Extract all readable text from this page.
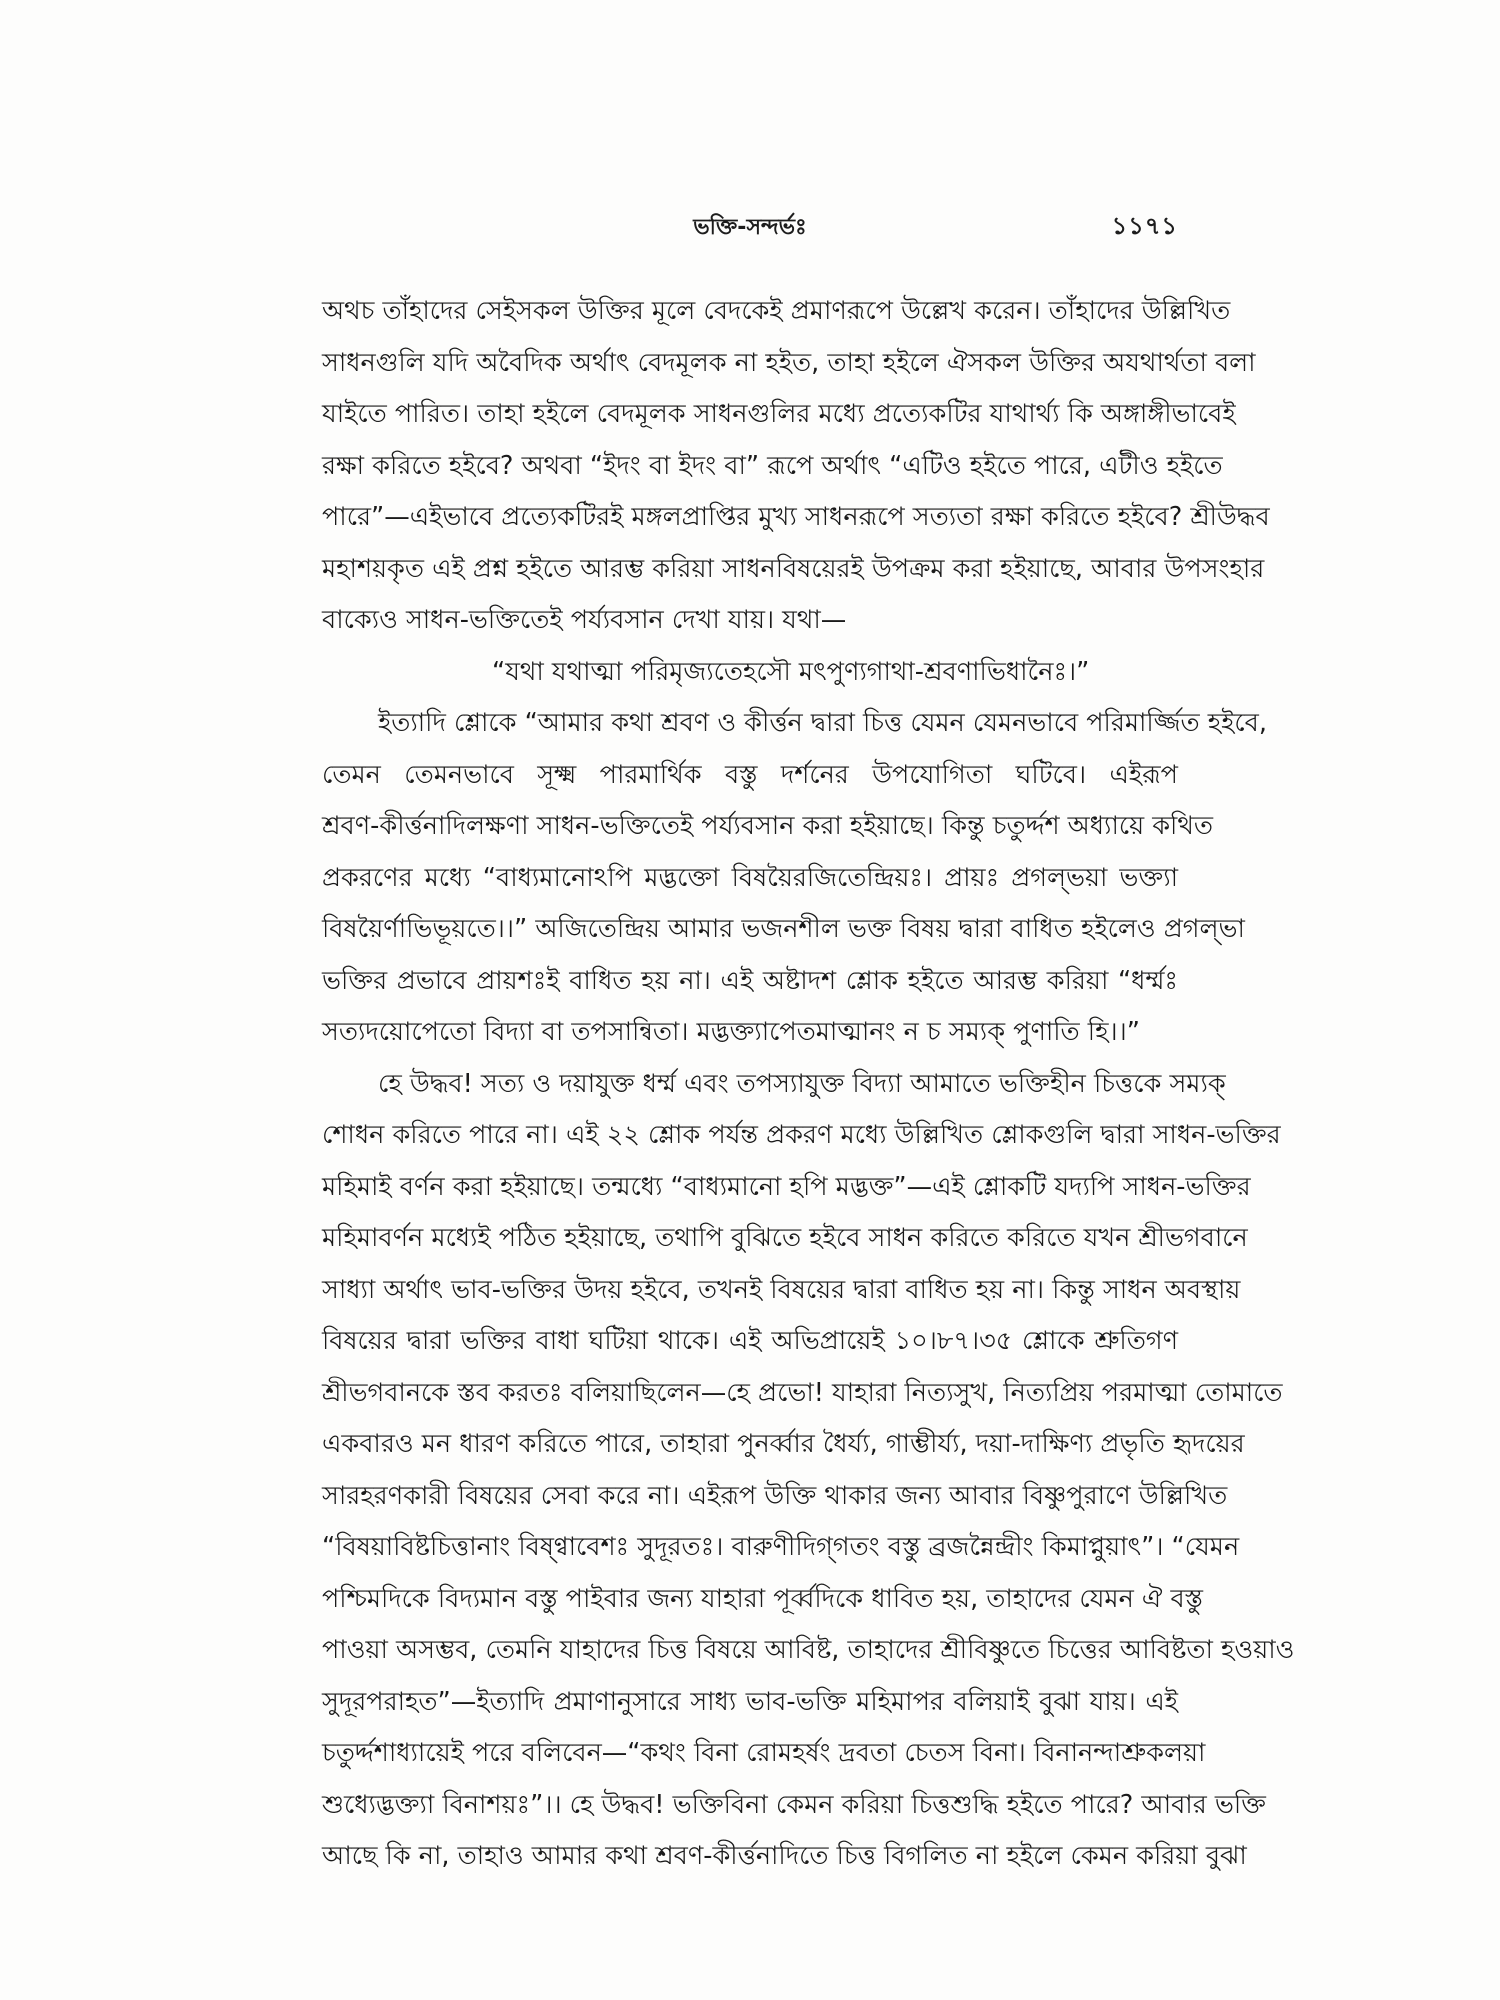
ভক্তি-সন্দর্ভঃ	১১৭১
অথচ তাঁহাদের সেইসকল উক্তির মূলে বেদকেই প্রমাণরূপে উল্লেখ করেন। তাঁহাদের উল্লিখিত
সাধনগুলি যদি অবৈদিক অর্থাৎ বেদমূলক না হইত, তাহা হইলে ঐসকল উক্তির অযথার্থতা বলা
যাইতে পারিত। তাহা হইলে বেদমূলক সাধনগুলির মধ্যে প্রত্যেকটির যাথার্থ্য কি অঙ্গাঙ্গীভাবেই
রক্ষা করিতে হইবে? অথবা “ইদং বা ইদং বা” রূপে অর্থাৎ “এটিও হইতে পারে, এটীও হইতে
পারে”—এইভাবে প্রত্যেকটিরই মঙ্গলপ্রাপ্তির মুখ্য সাধনরূপে সত্যতা রক্ষা করিতে হইবে? শ্রীউদ্ধব
মহাশয়কৃত এই প্রশ্ন হইতে আরম্ভ করিয়া সাধনবিষয়েরই উপক্রম করা হইয়াছে, আবার উপসংহার
বাক্যেও সাধন-ভক্তিতেই পর্য্যবসান দেখা যায়। যথা—
“যথা যথাত্মা পরিমৃজ্যতেহসৌ মৎপুণ্যগাথা-শ্রবণাভিধানৈঃ।”
ইত্যাদি শ্লোকে “আমার কথা শ্রবণ ও কীর্ত্তন দ্বারা চিত্ত যেমন যেমনভাবে পরিমার্জ্জিত হইবে,
তেমন তেমনভাবে সূক্ষ্ম পারমার্থিক বস্তু দর্শনের উপযোগিতা ঘটিবে। এইরূপ
শ্রবণ-কীর্ত্তনাদিলক্ষণা সাধন-ভক্তিতেই পর্য্যবসান করা হইয়াছে। কিন্তু চতুর্দ্দশ অধ্যায়ে কথিত
প্রকরণের মধ্যে “বাধ্যমানোঽপি মদ্ভক্তো বিষয়ৈরজিতেন্দ্রিয়ঃ। প্রায়ঃ প্রগল্ভয়া ভক্ত্যা
বিষয়ৈর্ণাভিভূয়তে।।” অজিতেন্দ্রিয় আমার ভজনশীল ভক্ত বিষয় দ্বারা বাধিত হইলেও প্রগল্ভা
ভক্তির প্রভাবে প্রায়শঃই বাধিত হয় না। এই অষ্টাদশ শ্লোক হইতে আরম্ভ করিয়া “ধর্ম্মঃ
সত্যদয়োপেতো বিদ্যা বা তপসান্বিতা। মদ্ভক্ত্যাপেতমাত্মানং ন চ সম্যক্ পুণাতি হি।।”
হে উদ্ধব! সত্য ও দয়াযুক্ত ধর্ম্ম এবং তপস্যাযুক্ত বিদ্যা আমাতে ভক্তিহীন চিত্তকে সম্যক্
শোধন করিতে পারে না। এই ২২ শ্লোক পর্যন্ত প্রকরণ মধ্যে উল্লিখিত শ্লোকগুলি দ্বারা সাধন-ভক্তির
মহিমাই বর্ণন করা হইয়াছে। তন্মধ্যে “বাধ্যমানো হপি মদ্ভক্ত”—এই শ্লোকটি যদ্যপি সাধন-ভক্তির
মহিমাবর্ণন মধ্যেই পঠিত হইয়াছে, তথাপি বুঝিতে হইবে সাধন করিতে করিতে যখন শ্রীভগবানে
সাধ্যা অর্থাৎ ভাব-ভক্তির উদয় হইবে, তখনই বিষয়ের দ্বারা বাধিত হয় না। কিন্তু সাধন অবস্থায়
বিষয়ের দ্বারা ভক্তির বাধা ঘটিয়া থাকে। এই অভিপ্রায়েই ১০।৮৭।৩৫ শ্লোকে শ্রুতিগণ
শ্রীভগবানকে স্তব করতঃ বলিয়াছিলেন—হে প্রভো! যাহারা নিত্যসুখ, নিত্যপ্রিয় পরমাত্মা তোমাতে
একবারও মন ধারণ করিতে পারে, তাহারা পুনর্ব্বার ধৈর্য্য, গাম্ভীর্য্য, দয়া-দাক্ষিণ্য প্রভৃতি হৃদয়ের
সারহরণকারী বিষয়ের সেবা করে না। এইরূপ উক্তি থাকার জন্য আবার বিষ্ণুপুরাণে উল্লিখিত
“বিষয়াবিষ্টচিত্তানাং বিষ্ণ্বাবেশঃ সুদূরতঃ। বারুণীদিগ্‌গতং বস্তু ব্রজন্নৈন্দ্রীং কিমাপ্নুয়াৎ”। “যেমন
পশ্চিমদিকে বিদ্যমান বস্তু পাইবার জন্য যাহারা পূর্ব্বদিকে ধাবিত হয়, তাহাদের যেমন ঐ বস্তু
পাওয়া অসম্ভব, তেমনি যাহাদের চিত্ত বিষয়ে আবিষ্ট, তাহাদের শ্রীবিষ্ণুতে চিত্তের আবিষ্টতা হওয়াও
সুদূরপরাহত”—ইত্যাদি প্রমাণানুসারে সাধ্য ভাব-ভক্তি মহিমাপর বলিয়াই বুঝা যায়। এই
চতুর্দ্দশাধ্যায়েই পরে বলিবেন—“কথং বিনা রোমহর্ষং দ্রবতা চেতস বিনা। বিনানন্দাশ্রুকলয়া
শুধ্যেদ্ভক্ত্যা বিনাশয়ঃ”।। হে উদ্ধব! ভক্তিবিনা কেমন করিয়া চিত্তশুদ্ধি হইতে পারে? আবার ভক্তি
আছে কি না, তাহাও আমার কথা শ্রবণ-কীর্ত্তনাদিতে চিত্ত বিগলিত না হইলে কেমন করিয়া বুঝা
